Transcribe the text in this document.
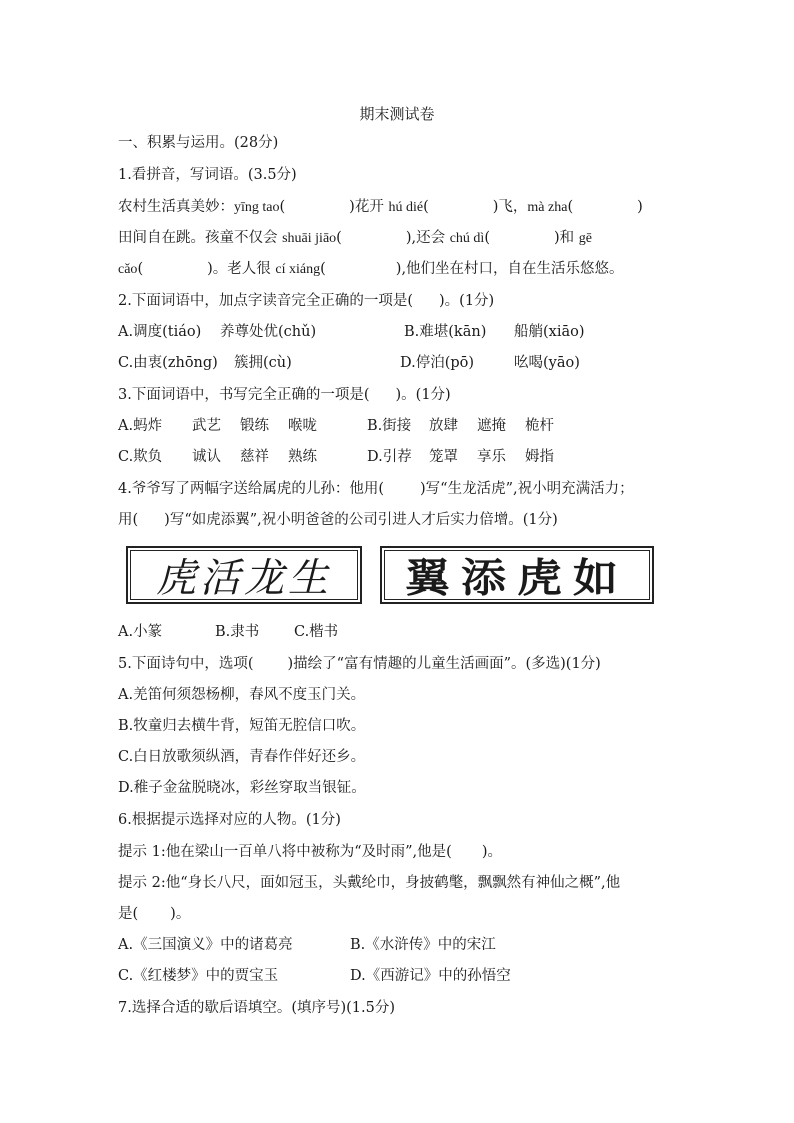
期末测试卷
一、积累与运用。(28分)
1.看拼音，写词语。(3.5分)
农村生活真美妙：yīng tao(	)花开 hú dié(	)飞，mà zha(	)
田间自在跳。孩童不仅会 shuāi jiāo(	),还会 chú dì(	)和 gē
cǎo(	)。老人很 cí xiáng(	),他们坐在村口，自在生活乐悠悠。
2.下面词语中，加点字读音完全正确的一项是( )。(1分)
A.调度(tiáo) 养尊处优(chǔ)	B.难堪(kān) 船艄(xiāo)
C.由衷(zhōng) 簇拥(cù)	D.停泊(pō)	吆喝(yāo)
3.下面词语中，书写完全正确的一项是( )。(1分)
A.蚂炸 武艺 锻练 喉咙	B.街接 放肆 遮掩 桅杆
C.欺负 诚认 慈祥 熟练	D.引荐 笼罩 享乐 姆指
4.爷爷写了两幅字送给属虎的儿孙：他用( )写“生龙活虎”,祝小明充满活力；
用( )写“如虎添翼”,祝小明爸爸的公司引进人才后实力倍增。(1分)
虎活龙生	翼添虎如
A.小篆	B.隶书 C.楷书
5.下面诗句中，选项( )描绘了“富有情趣的儿童生活画面”。(多选)(1分)
A.羌笛何须怨杨柳，春风不度玉门关。
B.牧童归去横牛背，短笛无腔信口吹。
C.白日放歌须纵酒，青春作伴好还乡。
D.稚子金盆脱晓冰，彩丝穿取当银钲。
6.根据提示选择对应的人物。(1分)
提示 1:他在梁山一百单八将中被称为“及时雨”,他是( )。
提示 2:他“身长八尺，面如冠玉，头戴纶巾，身披鹤氅，飘飘然有神仙之概”,他
是( )。
A.《三国演义》中的诸葛亮	B.《水浒传》中的宋江
C.《红楼梦》中的贾宝玉	D.《西游记》中的孙悟空
7.选择合适的歇后语填空。(填序号)(1.5分)
